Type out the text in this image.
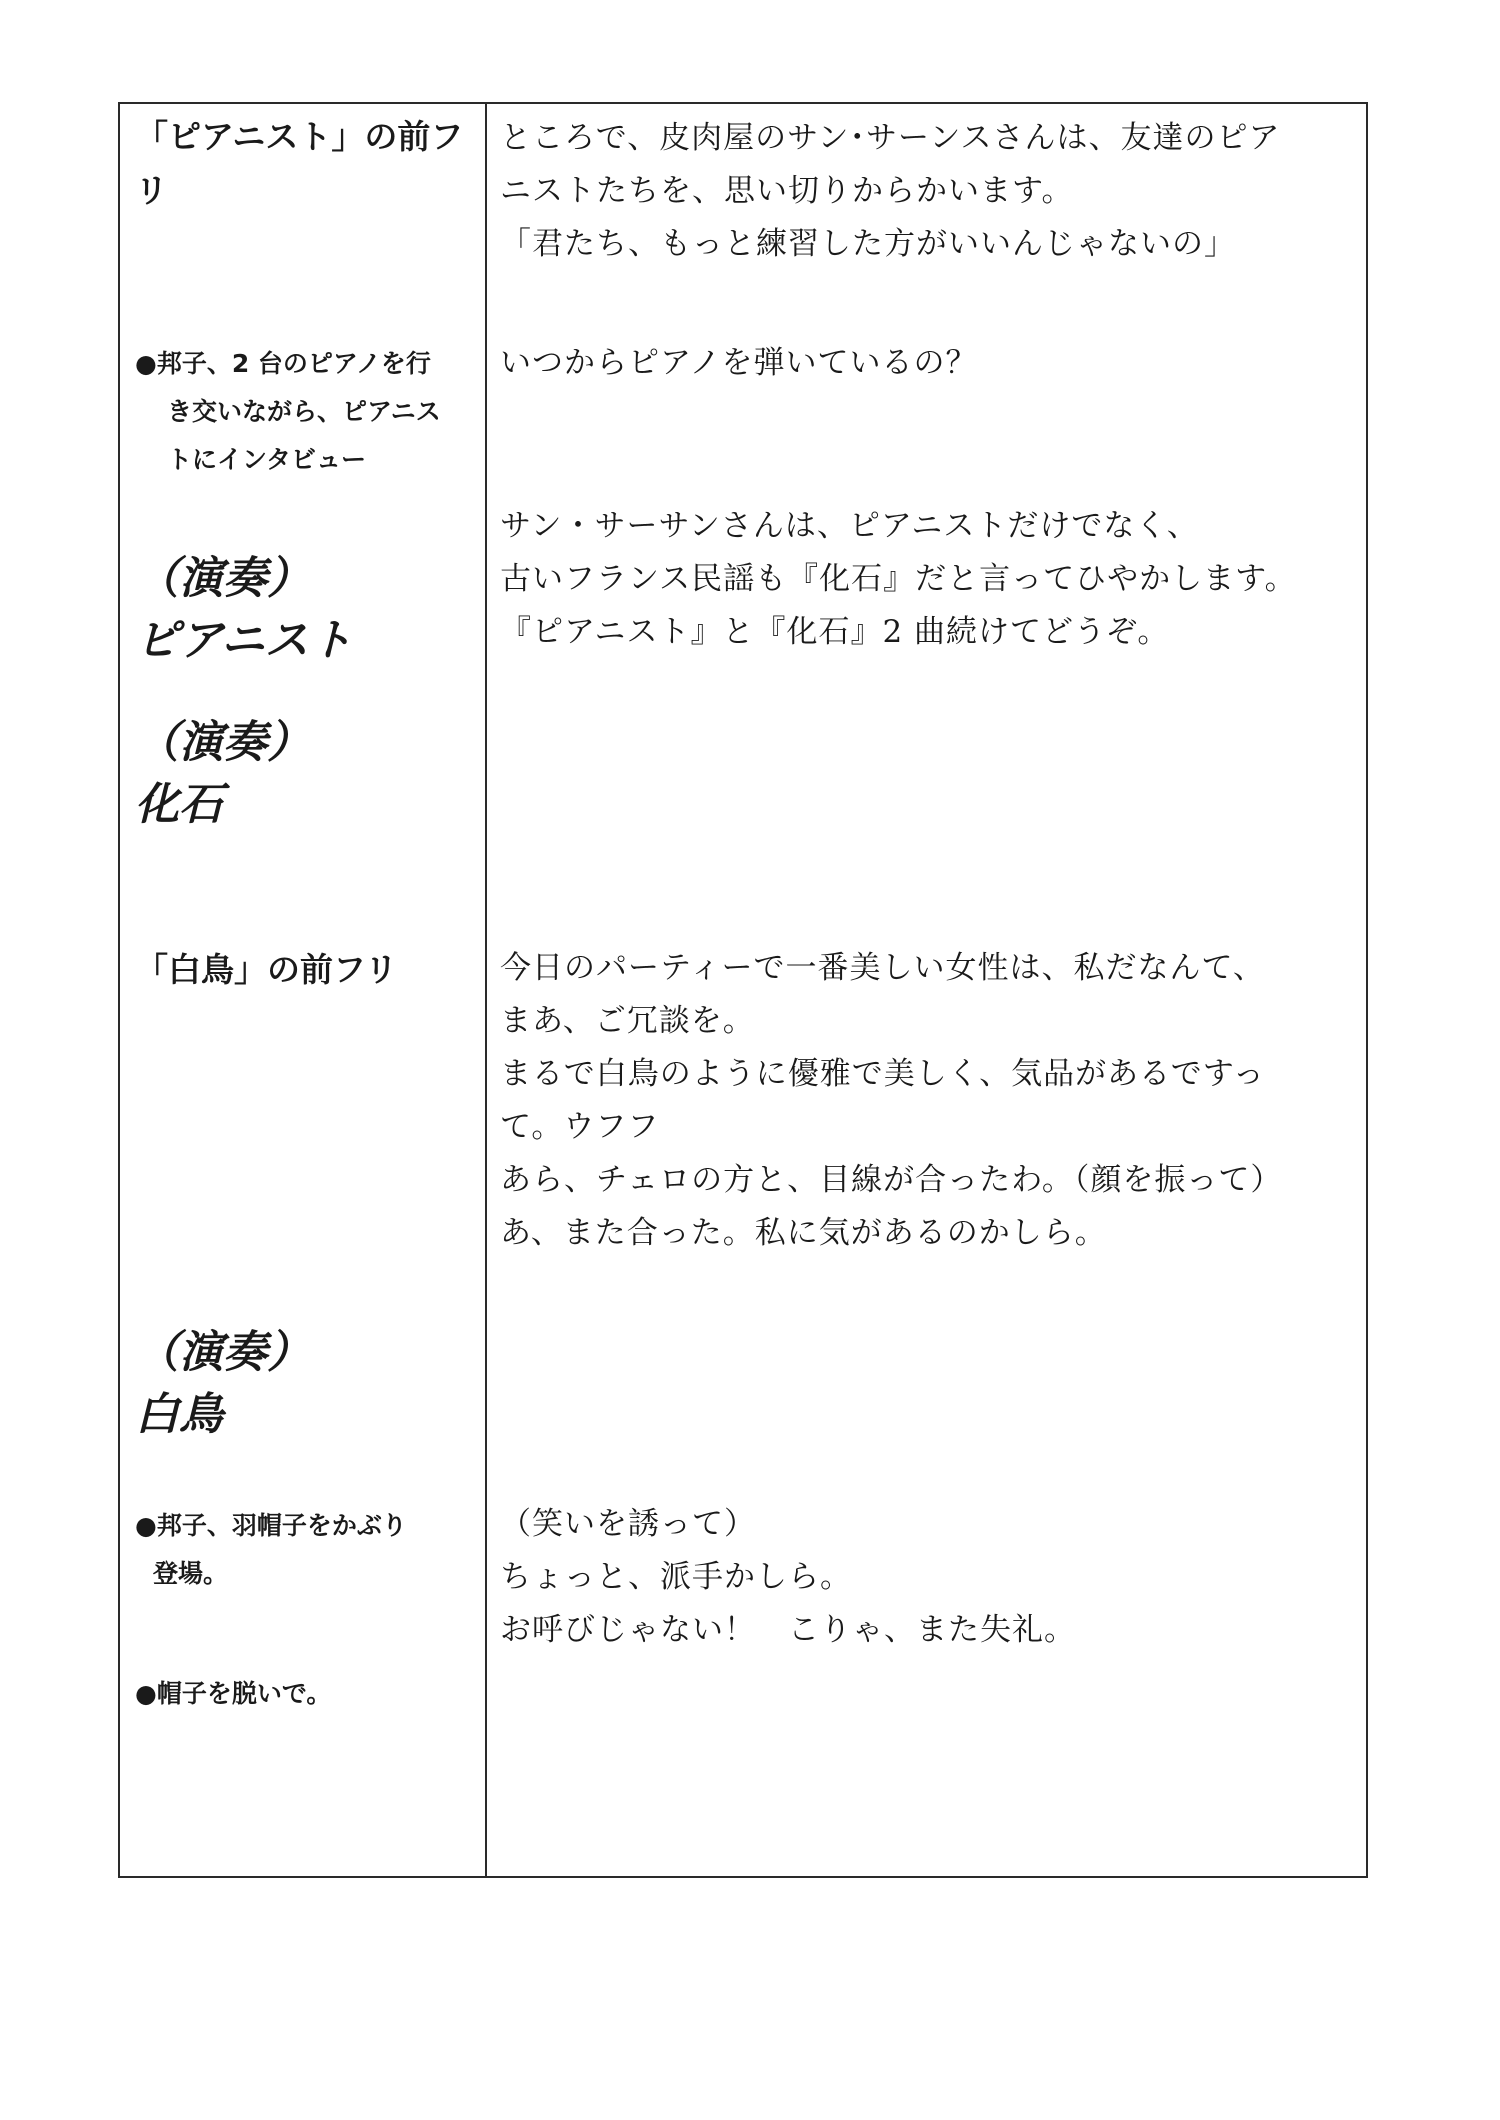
「ピアニスト」の前フ
リ
ところで、皮肉屋のサン･サーンスさんは、友達のピア
ニストたちを、思い切りからかいます。
「君たち、もっと練習した方がいいんじゃないの」
●邦子、2 台のピアノを行
き交いながら、ピアニス
トにインタビュー
いつからピアノを弾いているの？
（演奏）
ピアニスト
サン・サーサンさんは、ピアニストだけでなく、
古いフランス民謡も『化石』だと言ってひやかします。
『ピアニスト』と『化石』2 曲続けてどうぞ。
（演奏）
化石
「白鳥」の前フリ	今日のパーティーで一番美しい女性は、私だなんて、
まあ、ご冗談を。
まるで白鳥のように優雅で美しく、気品があるですっ
て。ウフフ
あら、チェロの方と、目線が合ったわ。（顔を振って）
あ、また合った。私に気があるのかしら。
（演奏）
白鳥
●邦子、羽帽子をかぶり
登場。
●帽子を脱いで。
（笑いを誘って）
ちょっと、派手かしら。
お呼びじゃない！　こりゃ、また失礼。
